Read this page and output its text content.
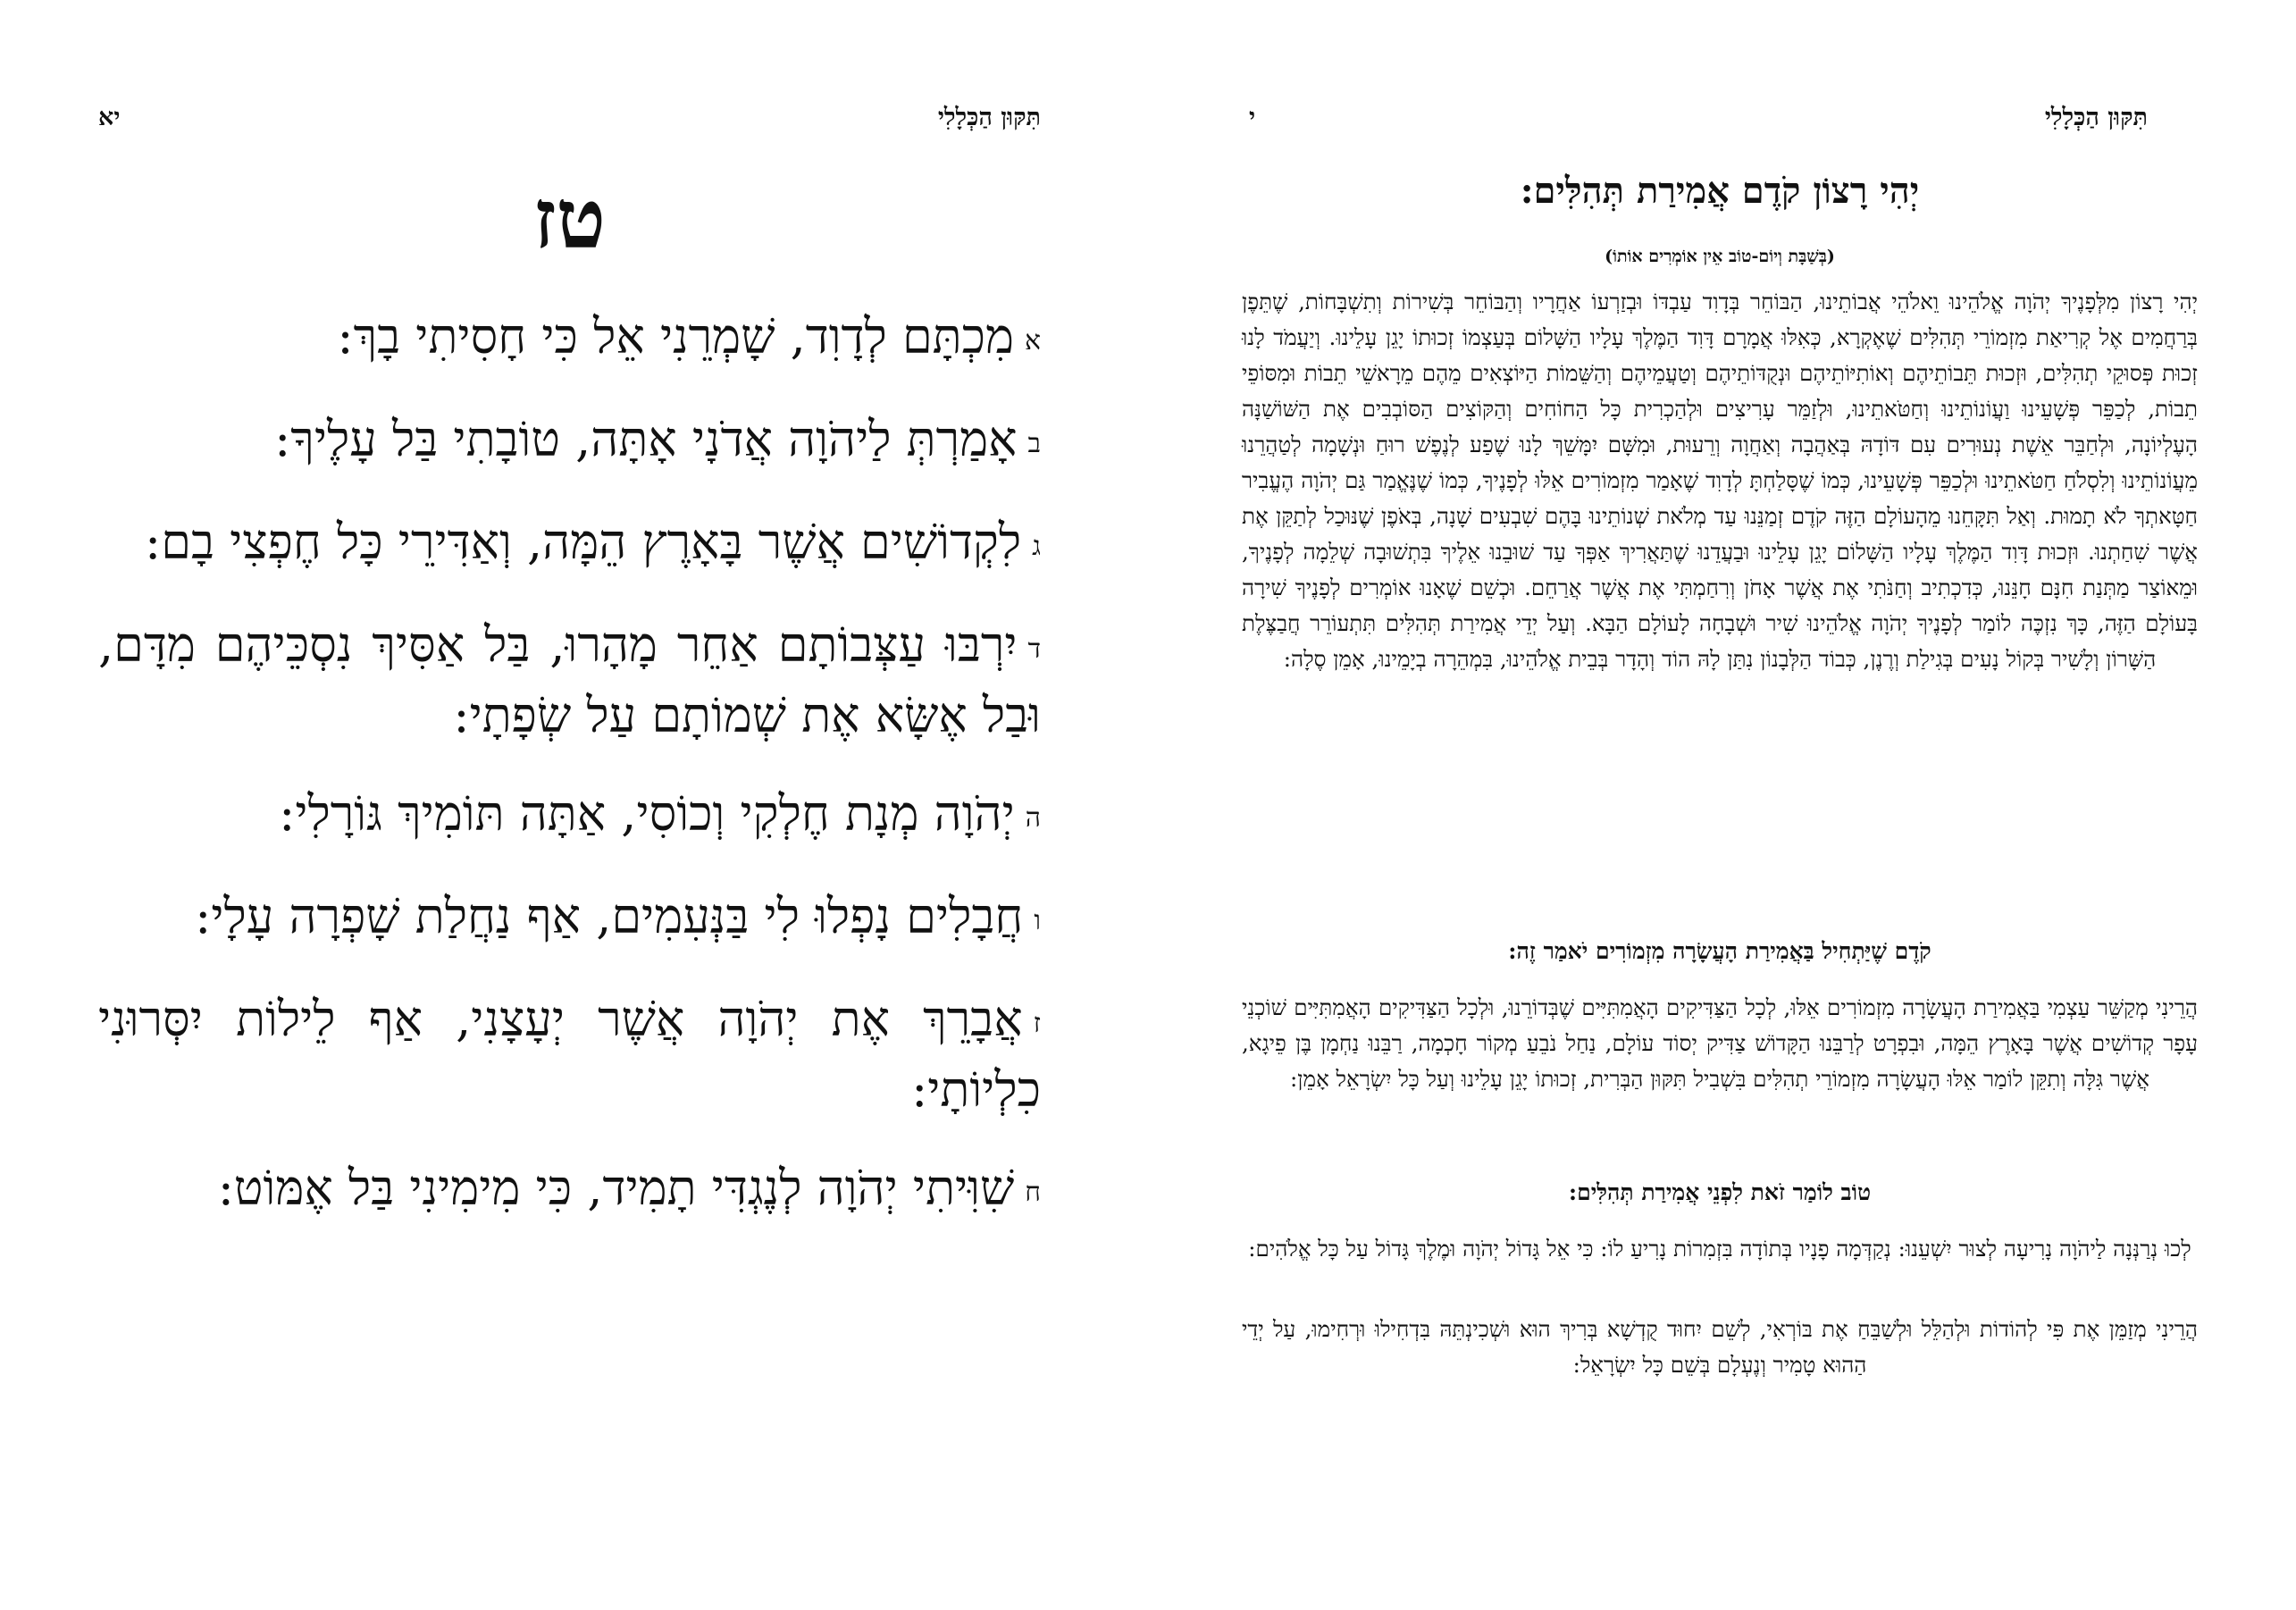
תִּקּוּן הַכְּלָלִי
יא
טז
אמִכְתָּם לְדָוִד, שָׁמְרֵנִי אֵל כִּי חָסִיתִי בָךְ:
באָמַרְתְּ לַיהֹוָה אֲדֹנָי אָתָּה, טוֹבָתִי בַּל עָלֶיךָ:
גלִקְדוֹשִׁים אֲשֶׁר בָּאָרֶץ הֵמָּה, וְאַדִּירֵי כָּל חֶפְצִי בָם:
דיִרְבּוּ עַצְּבוֹתָם אַחֵר מָהָרוּ, בַּל אַסִּיךְ נִסְכֵּיהֶם מִדָּם, וּבַל אֶשָּׂא אֶת שְׁמוֹתָם עַל שְׂפָתָי:
היְהֹוָה מְנָת חֶלְקִי וְכוֹסִי, אַתָּה תּוֹמִיךְ גּוֹרָלִי:
וחֲבָלִים נָפְלוּ לִי בַּנְּעִמִים, אַף נַחֲלַת שָׁפְרָה עָלָי:
זאֲבָרֵךְ אֶת יְהֹוָה אֲשֶׁר יְעָצָנִי, אַף לֵילוֹת יִסְּרוּנִי כִלְיוֹתָי:
חשִׁוִּיתִי יְהֹוָה לְנֶגְדִּי תָמִיד, כִּי מִימִינִי בַּל אֶמּוֹט:
י	תִּקּוּן הַכְּלָלִי
יְהִי רָצוֹן קֹדֶם אֲמִירַת תְּהִלִּים:
(בְּשַׁבָּת וְיוֹם-טוֹב אֵין אוֹמְרִים אוֹתוֹ)
יְהִי רָצוֹן מִלְּפָנֶיךָ יְהֹוָה אֱלֹהֵינוּ וֵאלֹהֵי אֲבוֹתֵינוּ, הַבּוֹחֵר בְּדָוִד עַבְדּוֹ וּבְזַרְעוֹ אַחֲרָיו וְהַבּוֹחֵר בְּשִׁירוֹת וְתִשְׁבָּחוֹת, שֶׁתֵּפֶן בְּרַחֲמִים אֶל קְרִיאַת מִזְמוֹרֵי תְּהִלִּים שֶׁאֶקְרָא, כְּאִלּוּ אֲמָרָם דָּוִד הַמֶּלֶךְ עָלָיו הַשָּׁלוֹם בְּעַצְמוֹ זְכוּתוֹ יָגֵן עָלֵינוּ. וְיַעֲמֹד לָנוּ זְכוּת פְּסוּקֵי תְהִלִּים, וּזְכוּת תֵּבוֹתֵיהֶם וְאוֹתִיּוֹתֵיהֶם וּנְקֻדּוֹתֵיהֶם וְטַעֲמֵיהֶם וְהַשֵּׁמוֹת הַיּוֹצְאִים מֵהֶם מֵרָאשֵׁי תֵבוֹת וּמִסּוֹפֵי תֵבוֹת, לְכַפֵּר פְּשָׁעֵינוּ וַעֲוֹנוֹתֵינוּ וְחַטֹּאתֵינוּ, וּלְזַמֵּר עָרִיצִים וּלְהַכְרִית כָּל הַחוֹחִים וְהַקּוֹצִים הַסּוֹבְבִים אֶת הַשּׁוֹשַׁנָּה הָעֶלְיוֹנָה, וּלְחַבֵּר אֵשֶׁת נְעוּרִים עִם דּוֹדָהּ בְּאַהֲבָה וְאַחֲוָה וְרֵעוּת, וּמִשָּׁם יִמָּשֵׁךְ לָנוּ שֶׁפַע לְנֶפֶשׁ רוּחַ וּנְשָׁמָה לְטַהֲרֵנוּ מֵעֲוֹנוֹתֵינוּ וְלִסְלֹחַ חַטֹּאתֵינוּ וּלְכַפֵּר פְּשָׁעֵינוּ, כְּמוֹ שֶׁסָּלַחְתָּ לְדָוִד שֶׁאָמַר מִזְמוֹרִים אֵלּוּ לְפָנֶיךָ, כְּמוֹ שֶׁנֶּאֱמַר גַּם יְהֹוָה הֶעֱבִיר חַטָּאתְךָ לֹא תָמוּת. וְאַל תִּקָּחֵנוּ מֵהָעוֹלָם הַזֶּה קֹדֶם זְמַנֵּנוּ עַד מְלֹאת שְׁנוֹתֵינוּ בָּהֶם שִׁבְעִים שָׁנָה, בְּאֹפֶן שֶׁנּוּכַל לְתַקֵּן אֶת אֲשֶׁר שִׁחַתְנוּ. וּזְכוּת דָּוִד הַמֶּלֶךְ עָלָיו הַשָּׁלוֹם יָגֵן עָלֵינוּ וּבַעֲדֵנוּ שֶׁתַּאֲרִיךְ אַפְּךָ עַד שׁוּבֵנוּ אֵלֶיךָ בִּתְשׁוּבָה שְׁלֵמָה לְפָנֶיךָ, וּמֵאוֹצַר מַתְּנַת חִנָּם חָנֵּנוּ, כְּדִכְתִיב וְחַנֹּתִי אֶת אֲשֶׁר אָחֹן וְרִחַמְתִּי אֶת אֲשֶׁר אֲרַחֵם. וּכְשֵׁם שֶׁאָנוּ אוֹמְרִים לְפָנֶיךָ שִׁירָה בָּעוֹלָם הַזֶּה, כָּךְ נִזְכֶּה לוֹמַר לְפָנֶיךָ יְהֹוָה אֱלֹהֵינוּ שִׁיר וּשְׁבָחָה לָעוֹלָם הַבָּא. וְעַל יְדֵי אֲמִירַת תְּהִלִּים תִּתְעוֹרֵר חֲבַצֶּלֶת הַשָּׁרוֹן וְלָשִׁיר בְּקוֹל נָעִים בְּגִילַת וְרֶנֶן, כְּבוֹד הַלְּבָנוֹן נִתַּן לָהּ הוֹד וְהָדָר בְּבֵית אֱלֹהֵינוּ, בִּמְהֵרָה בְיָמֵינוּ, אָמֵן סֶלָה:
קֹדֶם שֶׁיַּתְחִיל בַּאֲמִירַת הָעֲשָׂרָה מִזְמוֹרִים יֹאמַר זֶה:
הֲרֵינִי מְקַשֵּׁר עַצְמִי בַּאֲמִירַת הָעֲשָׂרָה מִזְמוֹרִים אֵלּוּ, לְכָל הַצַּדִּיקִים הָאֲמִתִּיִּים שֶׁבְּדוֹרֵנוּ, וּלְכָל הַצַּדִּיקִים הָאֲמִתִּיִּים שׁוֹכְנֵי עָפָר קְדוֹשִׁים אֲשֶׁר בָּאָרֶץ הֵמָּה, וּבִפְרָט לְרַבֵּנוּ הַקָּדוֹשׁ צַדִּיק יְסוֹד עוֹלָם, נַחַל נֹבֵעַ מְקוֹר חָכְמָה, רַבֵּנוּ נַחְמָן בֶּן פֵיגָא, אֲשֶׁר גִּלָּה וְתִקֵּן לוֹמַר אֵלּוּ הָעֲשָׂרָה מִזְמוֹרֵי תְהִלִּים בִּשְׁבִיל תִּקּוּן הַבְּרִית, זְכוּתוֹ יָגֵן עָלֵינוּ וְעַל כָּל יִשְׂרָאֵל אָמֵן:
טוֹב לוֹמַר זֹאת לִפְנֵי אֲמִירַת תְּהִלִּים:
לְכוּ נְרַנְּנָה לַיהֹוָה נָרִיעָה לְצוּר יִשְׁעֵנוּ: נְקַדְּמָה פָנָיו בְּתוֹדָה בִּזְמִרוֹת נָרִיעַ לוֹ: כִּי אֵל גָּדוֹל יְהֹוָה וּמֶלֶךְ גָּדוֹל עַל כָּל אֱלֹהִים:
הֲרֵינִי מְזַמֵּן אֶת פִּי לְהוֹדוֹת וּלְהַלֵּל וּלְשַׁבֵּחַ אֶת בּוֹרְאִי, לְשֵׁם יִחוּד קֻדְשָׁא בְּרִיךְ הוּא וּשְׁכִינְתֵּהּ בִּדְחִילוּ וּרְחִימוּ, עַל יְדֵי הַהוּא טָמִיר וְנֶעְלָם בְּשֵׁם כָּל יִשְׂרָאֵל:
